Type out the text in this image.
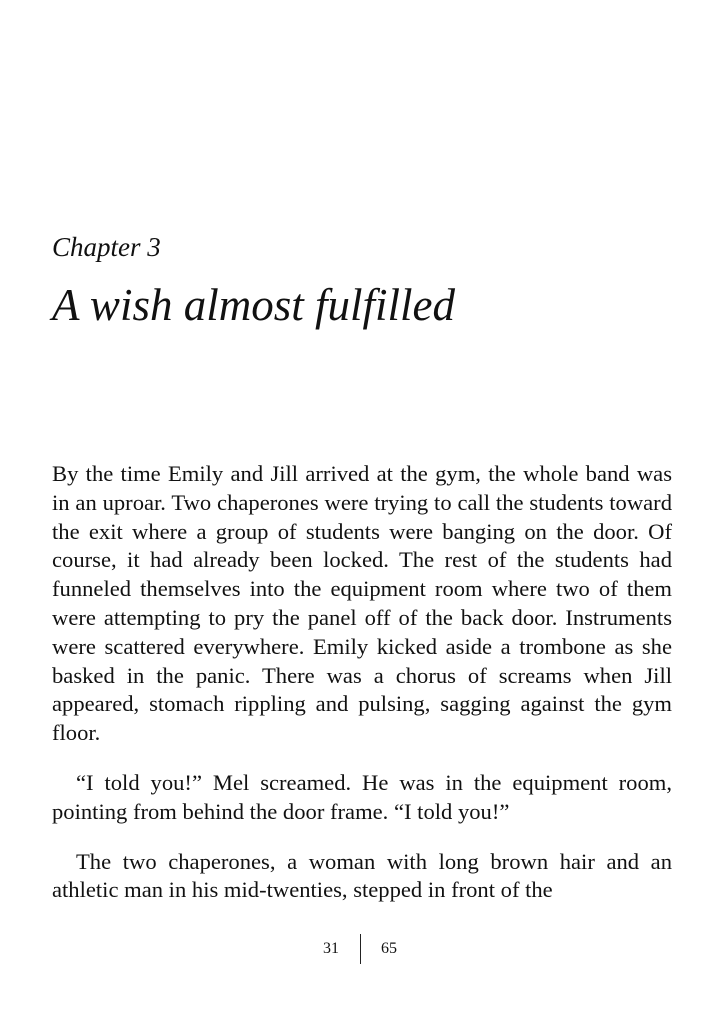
Chapter 3
A wish almost fulfilled

By the time Emily and Jill arrived at the gym, the whole band was in an uproar. Two chaperones were trying to call the students toward the exit where a group of students were banging on the door. Of course, it had already been locked. The rest of the students had funneled themselves into the equipment room where two of them were attempting to pry the panel off of the back door. Instruments were scattered everywhere. Emily kicked aside a trombone as she basked in the panic. There was a chorus of screams when Jill appeared, stomach rippling and pulsing, sagging against the gym floor.

“I told you!” Mel screamed. He was in the equipment room, pointing from behind the door frame. “I told you!”

The two chaperones, a woman with long brown hair and an athletic man in his mid-twenties, stepped in front of the

31	65
